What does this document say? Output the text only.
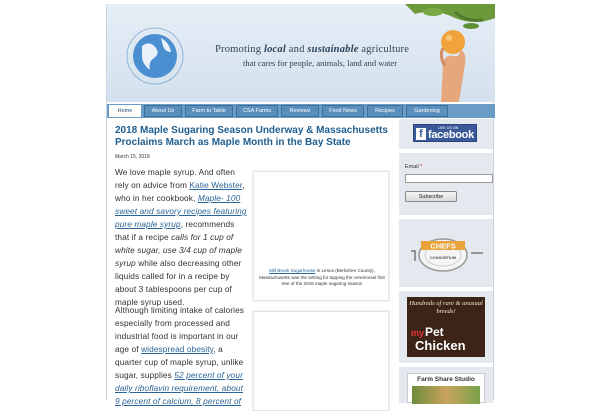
Promoting local and sustainable agriculture
that cares for people, animals, land and water
Home	About Us	Farm to Table	CSA Farms	Reviews	Food News	Recipes	Gardening
2018 Maple Sugaring Season Underway & Massachusetts Proclaims March as Maple Month in the Bay State
March 15, 2018
We love maple syrup. And often rely on advice from Katie Webster, who in her cookbook, Maple- 100 sweet and savory recipes featuring pure maple syrup, recommends that if a recipe calls for 1 cup of white sugar, use 3/4 cup of maple syrup while also decreasing other liquids called for in a recipe by about 3 tablespoons per cup of maple syrup used.
Mill Brook Sugarhouse in Lenox (Berkshire County), Massachusetts was the setting for tapping the ceremonial first tree of the 2018 maple sugaring season
Although limiting intake of calories especially from processed and industrial food is important in our age of widespread obesity, a quarter cup of maple syrup, unlike sugar, supplies 52 percent of your daily riboflavin requirement, about 9 percent of calcium, 8 percent of
LIKE US ON
f facebook
Email *
Subscribe
CHEFS
CONSORTIUM
Hundreds of rare & unusual breeds!
my Pet
Chicken
Farm Share Studio
